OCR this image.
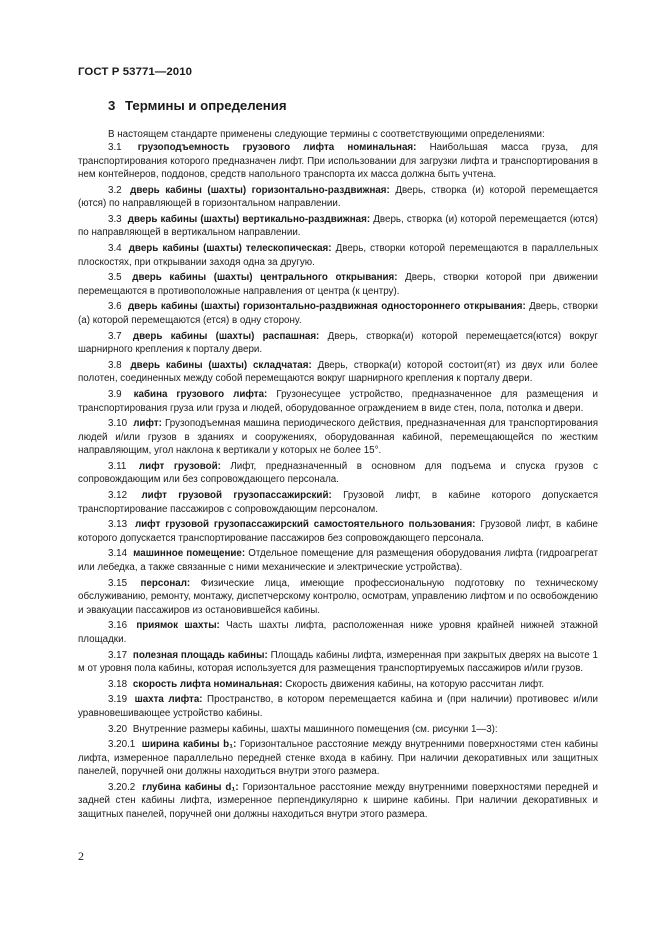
ГОСТ Р 53771—2010
3 Термины и определения

В настоящем стандарте применены следующие термины с соответствующими определениями:

3.1 грузоподъемность грузового лифта номинальная: Наибольшая масса груза, для транспортирования которого предназначен лифт. При использовании для загрузки лифта и транспортирования в нем контейнеров, поддонов, средств напольного транспорта их масса должна быть учтена.

3.2 дверь кабины (шахты) горизонтально-раздвижная: Дверь, створка (и) которой перемещается (ются) по направляющей в горизонтальном направлении.

3.3 дверь кабины (шахты) вертикально-раздвижная: Дверь, створка (и) которой перемещается (ются) по направляющей в вертикальном направлении.

3.4 дверь кабины (шахты) телескопическая: Дверь, створки которой перемещаются в параллельных плоскостях, при открывании заходя одна за другую.

3.5 дверь кабины (шахты) центрального открывания: Дверь, створки которой при движении перемещаются в противоположные направления от центра (к центру).

3.6 дверь кабины (шахты) горизонтально-раздвижная одностороннего открывания: Дверь, створки (а) которой перемещаются (ется) в одну сторону.

3.7 дверь кабины (шахты) распашная: Дверь, створка(и) которой перемещается(ются) вокруг шарнирного крепления к порталу двери.

3.8 дверь кабины (шахты) складчатая: Дверь, створка(и) которой состоит(ят) из двух или более полотен, соединенных между собой перемещаются вокруг шарнирного крепления к порталу двери.

3.9 кабина грузового лифта: Грузонесущее устройство, предназначенное для размещения и транспортирования груза или груза и людей, оборудованное ограждением в виде стен, пола, потолка и двери.

3.10 лифт: Грузоподъемная машина периодического действия, предназначенная для транспортирования людей и/или грузов в зданиях и сооружениях, оборудованная кабиной, перемещающейся по жестким направляющим, угол наклона к вертикали у которых не более 15°.

3.11 лифт грузовой: Лифт, предназначенный в основном для подъема и спуска грузов с сопровождающим или без сопровождающего персонала.

3.12 лифт грузовой грузопассажирский: Грузовой лифт, в кабине которого допускается транспортирование пассажиров с сопровождающим персоналом.

3.13 лифт грузовой грузопассажирский самостоятельного пользования: Грузовой лифт, в кабине которого допускается транспортирование пассажиров без сопровождающего персонала.

3.14 машинное помещение: Отдельное помещение для размещения оборудования лифта (гидроагрегат или лебедка, а также связанные с ними механические и электрические устройства).

3.15 персонал: Физические лица, имеющие профессиональную подготовку по техническому обслуживанию, ремонту, монтажу, диспетчерскому контролю, осмотрам, управлению лифтом и по освобождению и эвакуации пассажиров из остановившейся кабины.

3.16 приямок шахты: Часть шахты лифта, расположенная ниже уровня крайней нижней этажной площадки.

3.17 полезная площадь кабины: Площадь кабины лифта, измеренная при закрытых дверях на высоте 1 м от уровня пола кабины, которая используется для размещения транспортируемых пассажиров и/или грузов.

3.18 скорость лифта номинальная: Скорость движения кабины, на которую рассчитан лифт.

3.19 шахта лифта: Пространство, в котором перемещается кабина и (при наличии) противовес и/или уравновешивающее устройство кабины.

3.20 Внутренние размеры кабины, шахты машинного помещения (см. рисунки 1—3):

3.20.1 ширина кабины b₁: Горизонтальное расстояние между внутренними поверхностями стен кабины лифта, измеренное параллельно передней стенке входа в кабину. При наличии декоративных или защитных панелей, поручней они должны находиться внутри этого размера.

3.20.2 глубина кабины d₁: Горизонтальное расстояние между внутренними поверхностями передней и задней стен кабины лифта, измеренное перпендикулярно к ширине кабины. При наличии декоративных и защитных панелей, поручней они должны находиться внутри этого размера.

2
